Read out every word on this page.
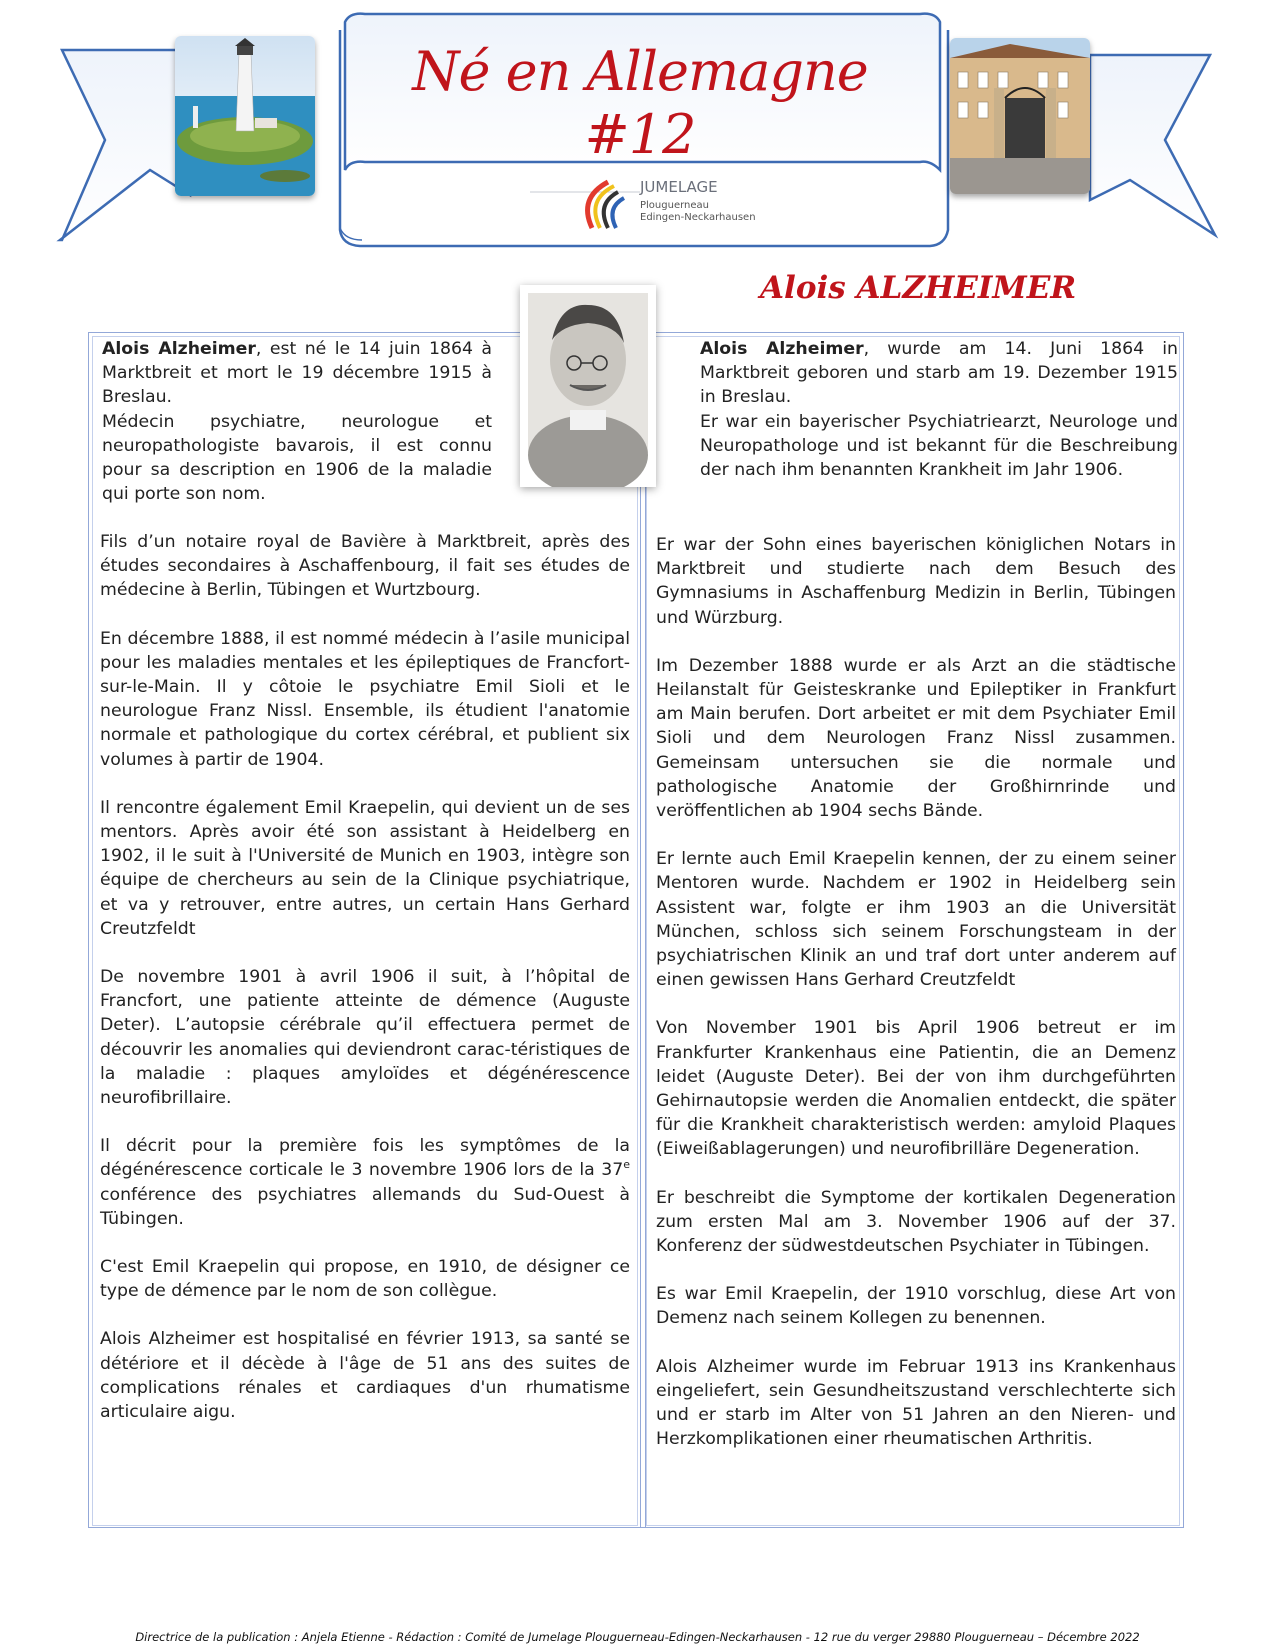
Né en Allemagne #12
JUMELAGE
Plouguerneau
Edingen-Neckarhausen
Alois ALZHEIMER
Alois Alzheimer, est né le 14 juin 1864 à Marktbreit et mort le 19 décembre 1915 à Breslau.
Médecin psychiatre, neurologue et neuropathologiste bavarois, il est connu pour sa description en 1906 de la maladie qui porte son nom.

Fils d’un notaire royal de Bavière à Marktbreit, après des études secondaires à Aschaffenbourg, il fait ses études de médecine à Berlin, Tübingen et Wurtzbourg.

En décembre 1888, il est nommé médecin à l’asile municipal pour les maladies mentales et les épileptiques de Francfort-sur-le-Main. Il y côtoie le psychiatre Emil Sioli et le neurologue Franz Nissl. Ensemble, ils étudient l'anatomie normale et pathologique du cortex cérébral, et publient six volumes à partir de 1904.

Il rencontre également Emil Kraepelin, qui devient un de ses mentors. Après avoir été son assistant à Heidelberg en 1902, il le suit à l'Université de Munich en 1903, intègre son équipe de chercheurs au sein de la Clinique psychiatrique, et va y retrouver, entre autres, un certain Hans Gerhard Creutzfeldt

De novembre 1901 à avril 1906 il suit, à l’hôpital de Francfort, une patiente atteinte de démence (Auguste Deter). L’autopsie cérébrale qu’il effectuera permet de découvrir les anomalies qui deviendront carac-téristiques de la maladie : plaques amyloïdes et dégénérescence neurofibrillaire.

Il décrit pour la première fois les symptômes de la dégénérescence corticale le 3 novembre 1906 lors de la 37e conférence des psychiatres allemands du Sud-Ouest à Tübingen.

C'est Emil Kraepelin qui propose, en 1910, de désigner ce type de démence par le nom de son collègue.

Alois Alzheimer est hospitalisé en février 1913, sa santé se détériore et il décède à l'âge de 51 ans des suites de complications rénales et cardiaques d'un rhumatisme articulaire aigu.

Alois Alzheimer, wurde am 14. Juni 1864 in Marktbreit geboren und starb am 19. Dezember 1915 in Breslau.
Er war ein bayerischer Psychiatriearzt, Neurologe und Neuropathologe und ist bekannt für die Beschreibung der nach ihm benannten Krankheit im Jahr 1906.

Er war der Sohn eines bayerischen königlichen Notars in Marktbreit und studierte nach dem Besuch des Gymnasiums in Aschaffenburg Medizin in Berlin, Tübingen und Würzburg.

Im Dezember 1888 wurde er als Arzt an die städtische Heilanstalt für Geisteskranke und Epileptiker in Frankfurt am Main berufen. Dort arbeitet er mit dem Psychiater Emil Sioli und dem Neurologen Franz Nissl zusammen. Gemeinsam untersuchen sie die normale und pathologische Anatomie der Großhirnrinde und veröffentlichen ab 1904 sechs Bände.

Er lernte auch Emil Kraepelin kennen, der zu einem seiner Mentoren wurde. Nachdem er 1902 in Heidelberg sein Assistent war, folgte er ihm 1903 an die Universität München, schloss sich seinem Forschungsteam in der psychiatrischen Klinik an und traf dort unter anderem auf einen gewissen Hans Gerhard Creutzfeldt

Von November 1901 bis April 1906 betreut er im Frankfurter Krankenhaus eine Patientin, die an Demenz leidet (Auguste Deter). Bei der von ihm durchgeführten Gehirnautopsie werden die Anomalien entdeckt, die später für die Krankheit charakteristisch werden: amyloid Plaques (Eiweißablagerungen) und neurofibrilläre Degeneration.

Er beschreibt die Symptome der kortikalen Degeneration zum ersten Mal am 3. November 1906 auf der 37. Konferenz der südwestdeutschen Psychiater in Tübingen.

Es war Emil Kraepelin, der 1910 vorschlug, diese Art von Demenz nach seinem Kollegen zu benennen.

Alois Alzheimer wurde im Februar 1913 ins Krankenhaus eingeliefert, sein Gesundheitszustand verschlechterte sich und er starb im Alter von 51 Jahren an den Nieren- und Herzkomplikationen einer rheumatischen Arthritis.

Directrice de la publication : Anjela Etienne - Rédaction : Comité de Jumelage Plouguerneau-Edingen-Neckarhausen - 12 rue du verger 29880 Plouguerneau – Décembre 2022
